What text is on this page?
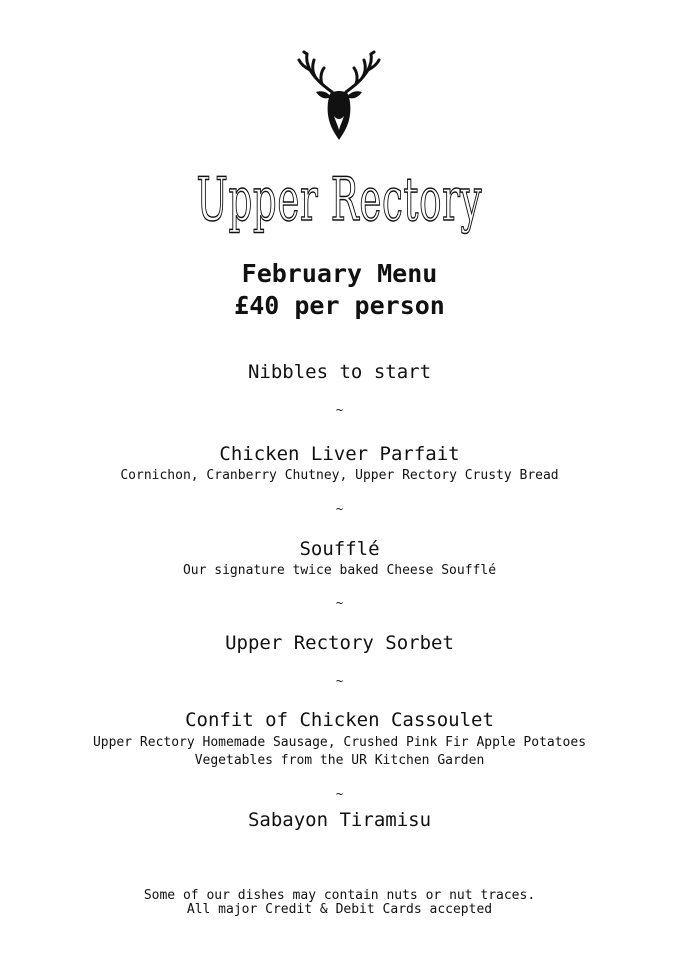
Upper Rectory
February Menu
£40 per person
Nibbles to start
~
Chicken Liver Parfait
Cornichon, Cranberry Chutney, Upper Rectory Crusty Bread
~
Soufflé
Our signature twice baked Cheese Soufflé
~
Upper Rectory Sorbet
~
Confit of Chicken Cassoulet
Upper Rectory Homemade Sausage, Crushed Pink Fir Apple Potatoes
Vegetables from the UR Kitchen Garden
~
Sabayon Tiramisu
Some of our dishes may contain nuts or nut traces.
All major Credit & Debit Cards accepted
